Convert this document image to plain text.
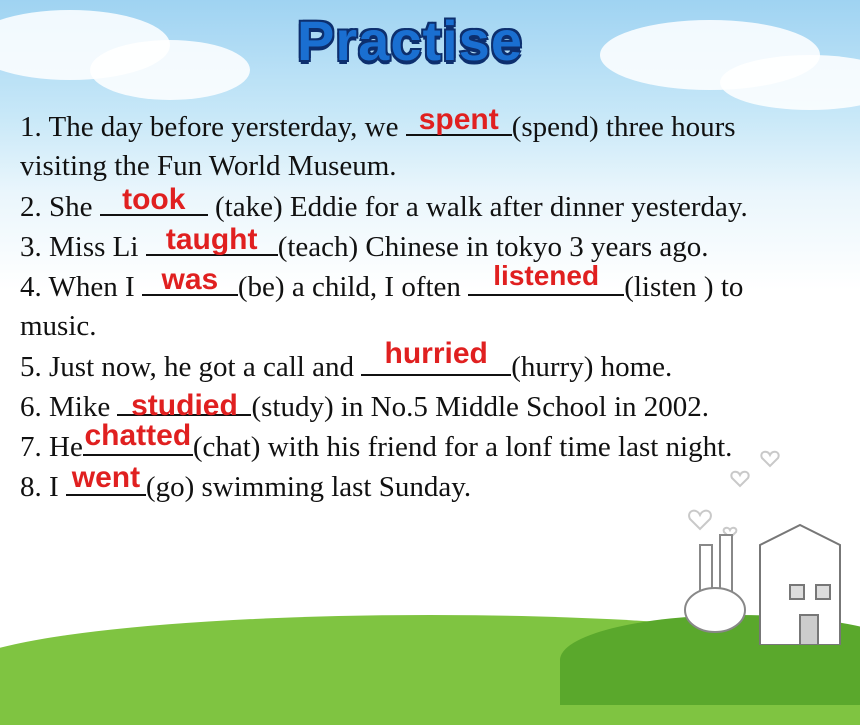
Practise
1. The day before yersterday, we spent (spend) three hours
visiting the Fun World Museum.
2. She took (take) Eddie for a walk after dinner yesterday.
3. Miss Li taught (teach) Chinese in tokyo 3 years ago.
4. When I was (be) a child, I often listened (listen ) to
music.
5. Just now, he got a call and hurried (hurry) home.
6. Mike studied (study) in No.5 Middle School in 2002.
7. He chatted (chat) with his friend for a lonf time last night.
8. I went (go) swimming last Sunday.
